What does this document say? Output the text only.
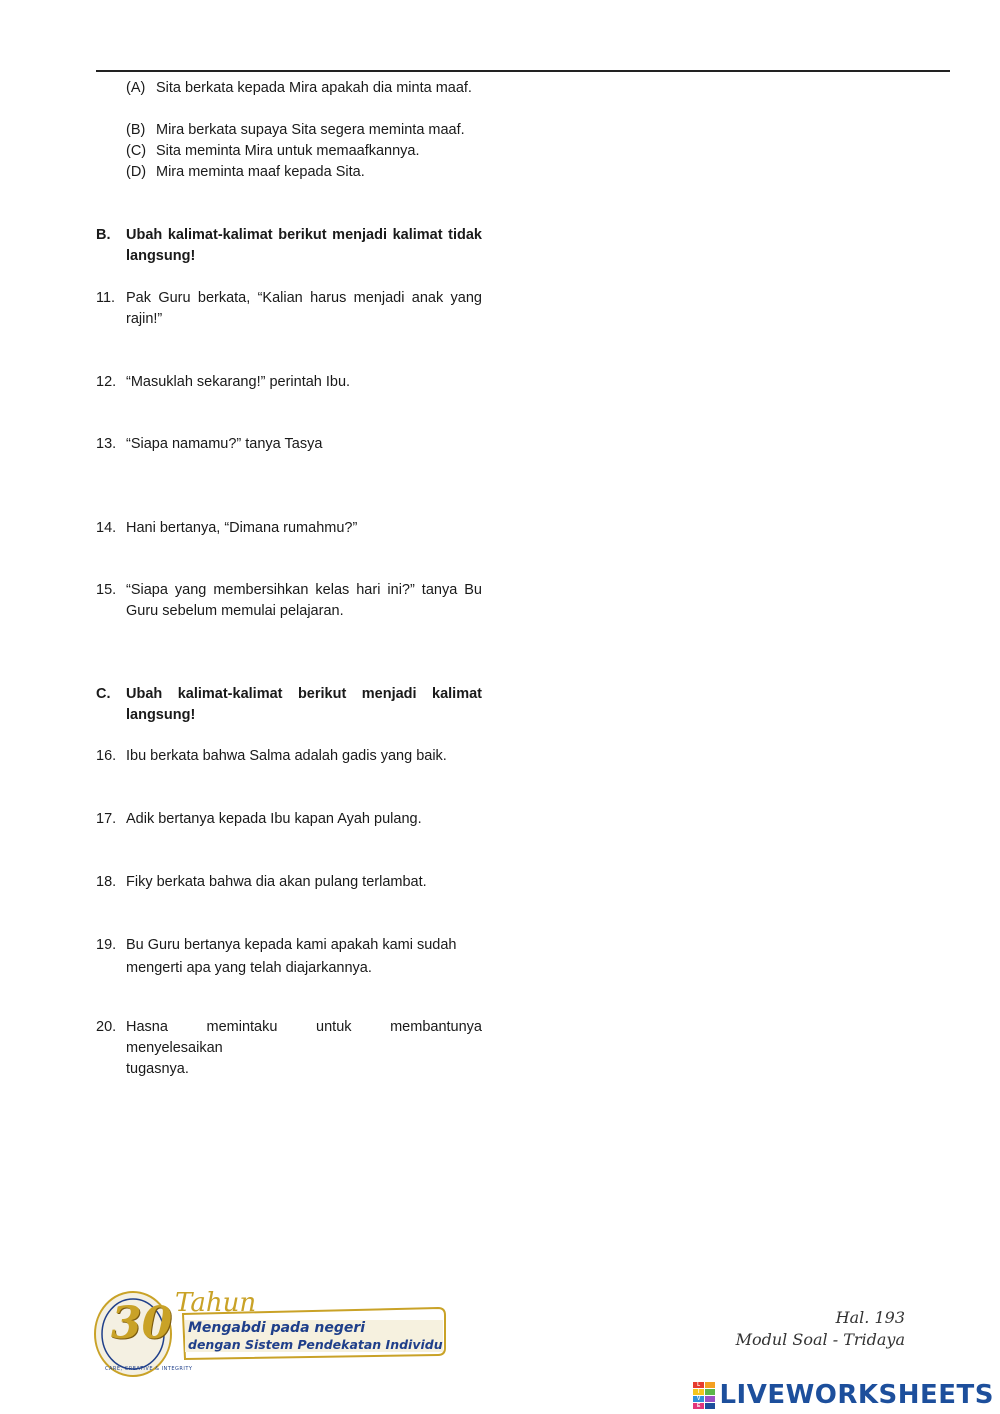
(A) Sita berkata kepada Mira apakah dia minta maaf.
(B) Mira berkata supaya Sita segera meminta maaf.
(C) Sita meminta Mira untuk memaafkannya.
(D) Mira meminta maaf kepada Sita.
B. Ubah kalimat-kalimat berikut menjadi kalimat tidak langsung!
11. Pak Guru berkata, “Kalian harus menjadi anak yang rajin!”
12. “Masuklah sekarang!” perintah Ibu.
13. “Siapa namamu?” tanya Tasya
14. Hani bertanya, “Dimana rumahmu?”
15. “Siapa yang membersihkan kelas hari ini?” tanya Bu Guru sebelum memulai pelajaran.
C. Ubah kalimat-kalimat berikut menjadi kalimat langsung!
16. Ibu berkata bahwa Salma adalah gadis yang baik.
17. Adik bertanya kepada Ibu kapan Ayah pulang.
18. Fiky berkata bahwa dia akan pulang terlambat.
19. Bu Guru bertanya kepada kami apakah kami sudah mengerti apa yang telah diajarkannya.
20. Hasna memintaku untuk membantunya
menyelesaikan
tugasnya.
30 Tahun
Mengabdi pada negeri
dengan Sistem Pendekatan Individu
CARE, CREATIVE & INTEGRITY
Hal. 193
Modul Soal - Tridaya
L
I
V
E LIVEWORKSHEETS
